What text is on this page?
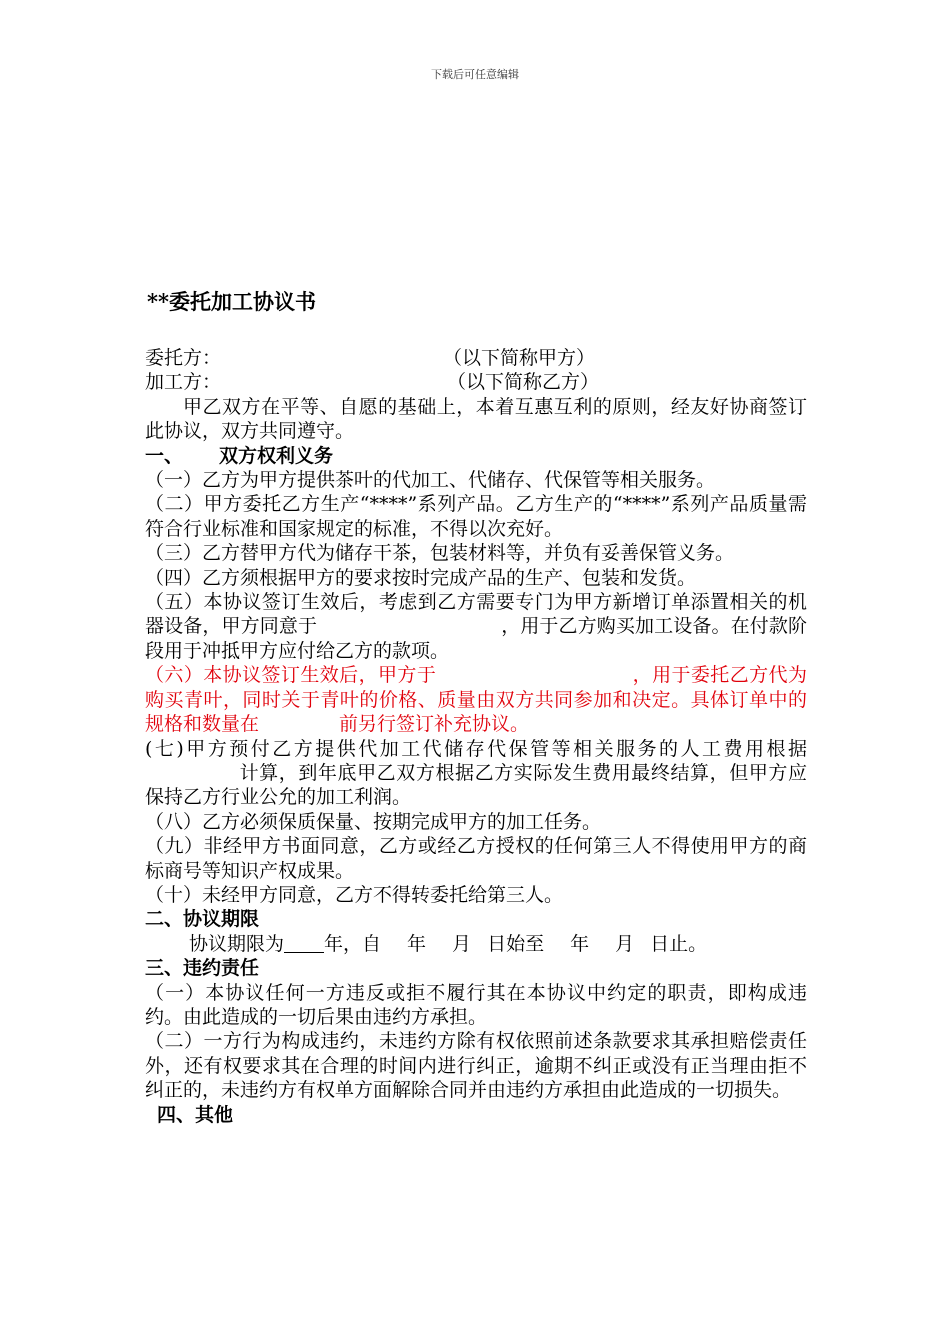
下载后可任意编辑
**委托加工协议书

委托方：	（以下简称甲方）

加工方：	（以下简称乙方）

甲乙双方在平等、自愿的基础上，本着互惠互利的原则，经友好协商签订此协议，双方共同遵守。

一、 双方权利义务

（一）乙方为甲方提供茶叶的代加工、代储存、代保管等相关服务。

（二）甲方委托乙方生产“****”系列产品。乙方生产的“****”系列产品质量需符合行业标准和国家规定的标准，不得以次充好。

（三）乙方替甲方代为储存干茶，包装材料等，并负有妥善保管义务。

（四）乙方须根据甲方的要求按时完成产品的生产、包装和发货。

（五）本协议签订生效后，考虑到乙方需要专门为甲方新增订单添置相关的机器设备，甲方同意于	，用于乙方购买加工设备。在付款阶段用于冲抵甲方应付给乙方的款项。

（六）本协议签订生效后，甲方于	，用于委托乙方代为购买青叶，同时关于青叶的价格、质量由双方共同参加和决定。具体订单中的规格和数量在	前另行签订补充协议。

(七)甲方预付乙方提供代加工代储存代保管等相关服务的人工费用根据计算，到年底甲乙双方根据乙方实际发生费用最终结算，但甲方应保持乙方行业公允的加工利润。

（八）乙方必须保质保量、按期完成甲方的加工任务。

（九）非经甲方书面同意，乙方或经乙方授权的任何第三人不得使用甲方的商标商号等知识产权成果。

（十）未经甲方同意，乙方不得转委托给第三人。

二、协议期限

协议期限为 年，自 年 月 日始至 年 月 日止。

三、违约责任

（一）本协议任何一方违反或拒不履行其在本协议中约定的职责，即构成违约。由此造成的一切后果由违约方承担。

（二）一方行为构成违约，未违约方除有权依照前述条款要求其承担赔偿责任外，还有权要求其在合理的时间内进行纠正，逾期不纠正或没有正当理由拒不纠正的，未违约方有权单方面解除合同并由违约方承担由此造成的一切损失。

四、其他
